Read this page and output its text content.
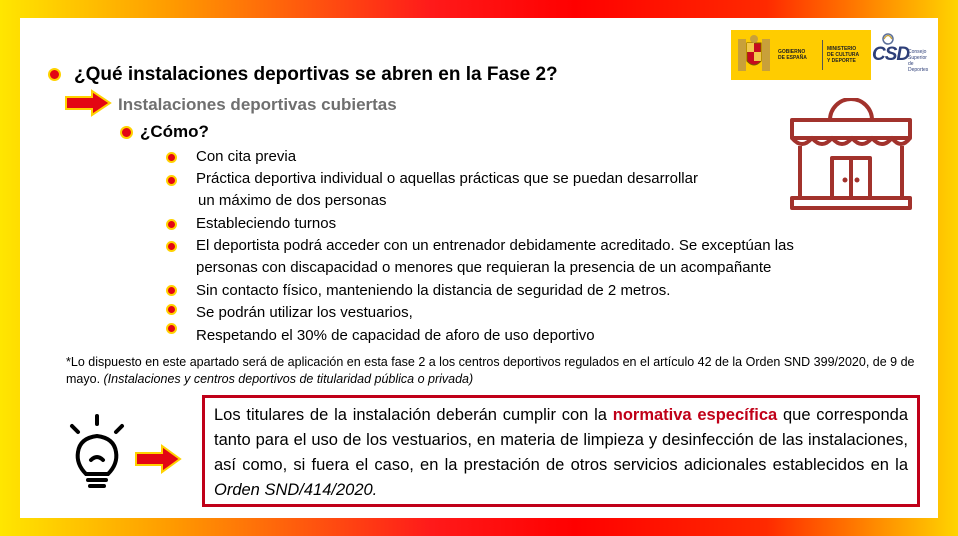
GOBIERNO
DE ESPAÑA
MINISTERIO
DE CULTURA
Y DEPORTE CSD
Consejo
Superior de
Deportes
¿Qué instalaciones deportivas se abren en la Fase 2?
Instalaciones deportivas cubiertas
¿Cómo?
Con cita previa
Práctica deportiva individual o aquellas prácticas que se puedan desarrollar
un máximo de dos personas
Estableciendo turnos
El deportista podrá acceder con un entrenador debidamente acreditado. Se exceptúan las
personas con discapacidad o menores que requieran la presencia de un acompañante
Sin contacto físico, manteniendo la distancia de seguridad de 2 metros.
Se podrán utilizar los vestuarios,
Respetando el 30% de capacidad de aforo de uso deportivo
*Lo dispuesto en este apartado será de aplicación en esta fase 2 a los centros deportivos regulados en el artículo 42 de la Orden SND 399/2020, de 9 de mayo. (Instalaciones y centros deportivos de titularidad pública o privada)
Los titulares de la instalación deberán cumplir con la normativa específica que corresponda tanto para el uso de los vestuarios, en materia de limpieza y desinfección de las instalaciones, así como, si fuera el caso, en la prestación de otros servicios adicionales establecidos en la Orden SND/414/2020.
